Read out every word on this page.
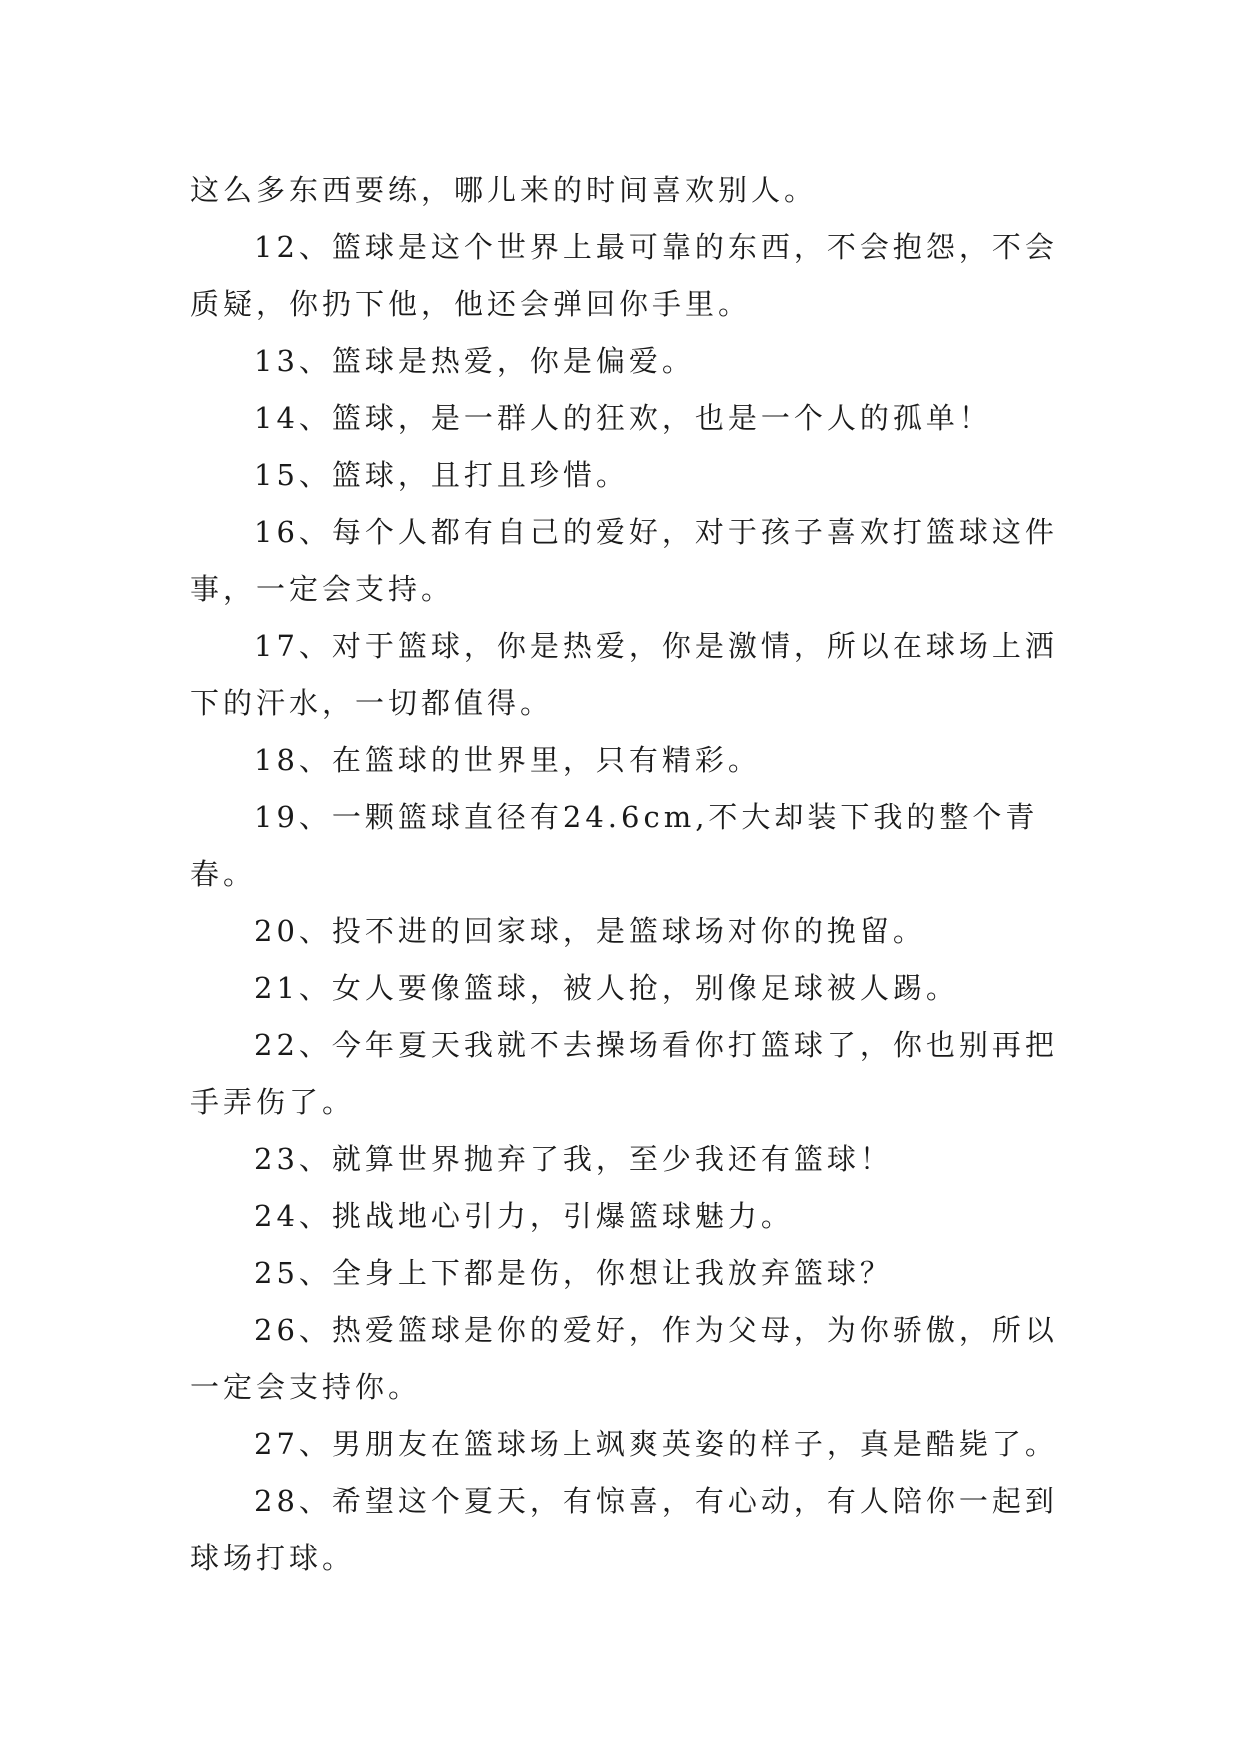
这么多东西要练，哪儿来的时间喜欢别人。

12、篮球是这个世界上最可靠的东西，不会抱怨，不会质疑，你扔下他，他还会弹回你手里。

13、篮球是热爱，你是偏爱。

14、篮球，是一群人的狂欢，也是一个人的孤单！

15、篮球，且打且珍惜。

16、每个人都有自己的爱好，对于孩子喜欢打篮球这件事，一定会支持。

17、对于篮球，你是热爱，你是激情，所以在球场上洒下的汗水，一切都值得。

18、在篮球的世界里，只有精彩。

19、一颗篮球直径有24.6cm,不大却装下我的整个青春。

20、投不进的回家球，是篮球场对你的挽留。

21、女人要像篮球，被人抢，别像足球被人踢。

22、今年夏天我就不去操场看你打篮球了，你也别再把手弄伤了。

23、就算世界抛弃了我，至少我还有篮球！

24、挑战地心引力，引爆篮球魅力。

25、全身上下都是伤，你想让我放弃篮球？

26、热爱篮球是你的爱好，作为父母，为你骄傲，所以一定会支持你。

27、男朋友在篮球场上飒爽英姿的样子，真是酷毙了。

28、希望这个夏天，有惊喜，有心动，有人陪你一起到球场打球。
